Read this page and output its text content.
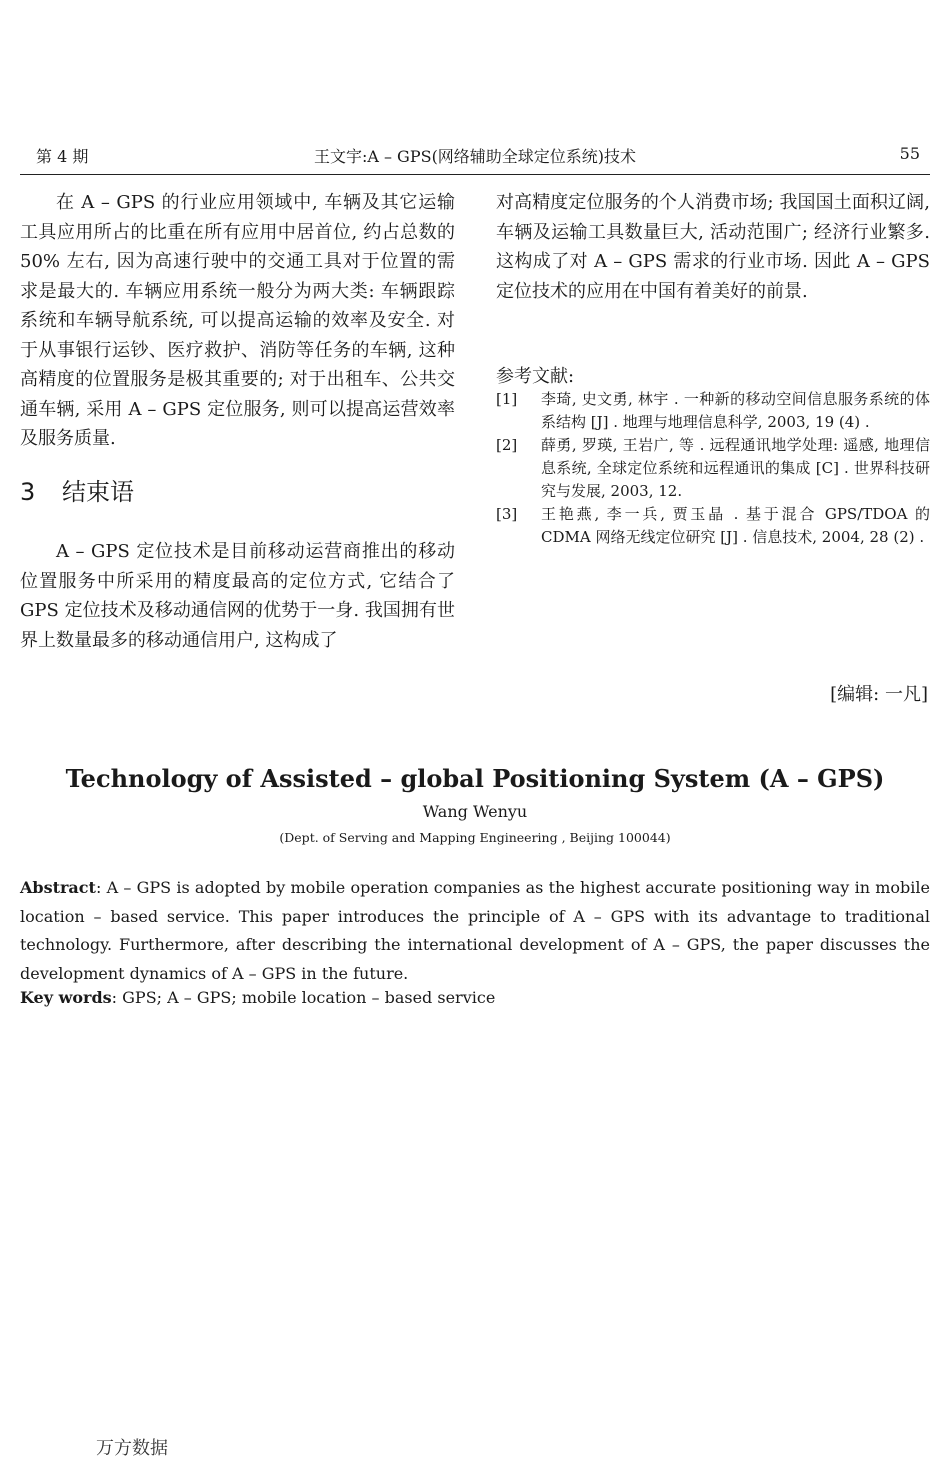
第 4 期	王文宇:A – GPS(网络辅助全球定位系统)技术	55

在 A – GPS 的行业应用领域中, 车辆及其它运输工具应用所占的比重在所有应用中居首位, 约占总数的 50% 左右, 因为高速行驶中的交通工具对于位置的需求是最大的. 车辆应用系统一般分为两大类: 车辆跟踪系统和车辆导航系统, 可以提高运输的效率及安全. 对于从事银行运钞、医疗救护、消防等任务的车辆, 这种高精度的位置服务是极其重要的; 对于出租车、公共交通车辆, 采用 A – GPS 定位服务, 则可以提高运营效率及服务质量.

3 结束语

A – GPS 定位技术是目前移动运营商推出的移动位置服务中所采用的精度最高的定位方式, 它结合了 GPS 定位技术及移动通信网的优势于一身. 我国拥有世界上数量最多的移动通信用户, 这构成了

对高精度定位服务的个人消费市场; 我国国土面积辽阔, 车辆及运输工具数量巨大, 活动范围广; 经济行业繁多. 这构成了对 A – GPS 需求的行业市场. 因此 A – GPS 定位技术的应用在中国有着美好的前景.

参考文献:
[1] 李琦, 史文勇, 林宇 . 一种新的移动空间信息服务系统的体系结构 [J] . 地理与地理信息科学, 2003, 19 (4) .
[2] 薛勇, 罗瑛, 王岩广, 等 . 远程通讯地学处理: 遥感, 地理信息系统, 全球定位系统和远程通讯的集成 [C] . 世界科技研究与发展, 2003, 12.
[3] 王艳燕, 李一兵, 贾玉晶 . 基于混合 GPS/TDOA 的 CDMA 网络无线定位研究 [J] . 信息技术, 2004, 28 (2) .
[编辑: 一凡]
Technology of Assisted – global Positioning System (A – GPS)
Wang Wenyu
(Dept. of Serving and Mapping Engineering , Beijing 100044)
Abstract: A – GPS is adopted by mobile operation companies as the highest accurate positioning way in mobile location – based service. This paper introduces the principle of A – GPS with its advantage to traditional technology. Furthermore, after describing the international development of A – GPS, the paper discusses the development dynamics of A – GPS in the future.
Key words: GPS; A – GPS; mobile location – based service
万方数据
